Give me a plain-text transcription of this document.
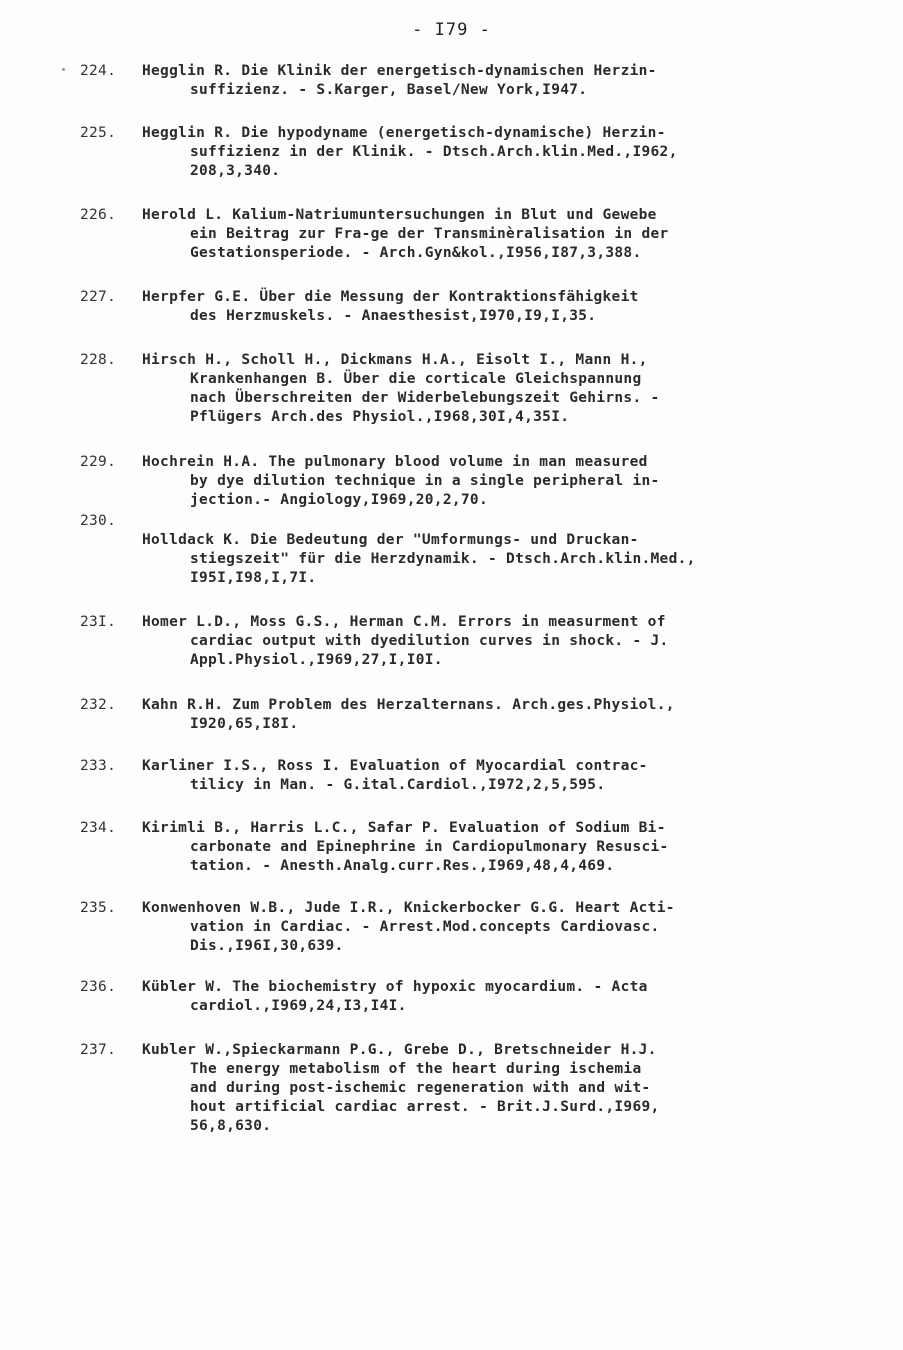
- I79 -
224.	Hegglin R. Die Klinik der energetisch-dynamischen Herzin-
suffizienz. - S.Karger, Basel/New York,I947.
225.	Hegglin R. Die hypodyname (energetisch-dynamische) Herzin-
suffizienz in der Klinik. - Dtsch.Arch.klin.Med.,I962,
208,3,340.
226.	Herold L. Kalium-Natriumuntersuchungen in Blut und Gewebe
ein Beitrag zur Fra-ge der Transminèralisation in der
Gestationsperiode. - Arch.Gyn&kol.,I956,I87,3,388.
227.	Herpfer G.E. Über die Messung der Kontraktionsfähigkeit
des Herzmuskels. - Anaesthesist,I970,I9,I,35.
228.	Hirsch H., Scholl H., Dickmans H.A., Eisolt I., Mann H.,
Krankenhangen B. Über die corticale Gleichspannung
nach Überschreiten der Widerbelebungszeit Gehirns. -
Pflügers Arch.des Physiol.,I968,30I,4,35I.
229.	Hochrein H.A. The pulmonary blood volume in man measured
by dye dilution technique in a single peripheral in-
jection.- Angiology,I969,20,2,70.
230.
Holldack K. Die Bedeutung der "Umformungs- und Druckan-
stiegszeit" für die Herzdynamik. - Dtsch.Arch.klin.Med.,
I95I,I98,I,7I.
23I.	Homer L.D., Moss G.S., Herman C.M. Errors in measurment of
cardiac output with dyedilution curves in shock. - J.
Appl.Physiol.,I969,27,I,I0I.
232.	Kahn R.H. Zum Problem des Herzalternans. Arch.ges.Physiol.,
I920,65,I8I.
233.	Karliner I.S., Ross I. Evaluation of Myocardial contrac-
tilicy in Man. - G.ital.Cardiol.,I972,2,5,595.
234.	Kirimli B., Harris L.C., Safar P. Evaluation of Sodium Bi-
carbonate and Epinephrine in Cardiopulmonary Resusci-
tation. - Anesth.Analg.curr.Res.,I969,48,4,469.
235.	Konwenhoven W.B., Jude I.R., Knickerbocker G.G. Heart Acti-
vation in Cardiac. - Arrest.Mod.concepts Cardiovasс.
Dis.,I96I,30,639.
236.	Kübler W. The biochemistry of hypoxic myocardium. - Acta
cardiol.,I969,24,I3,I4I.
237.	Kubler W.,Spieckarmann P.G., Grebe D., Bretschneider H.J.
The energy metabolism of the heart during ischemia
and during post-ischemic regeneration with and wit-
hout artificial cardiac arrest. - Brit.J.Surd.,I969,
56,8,630.
